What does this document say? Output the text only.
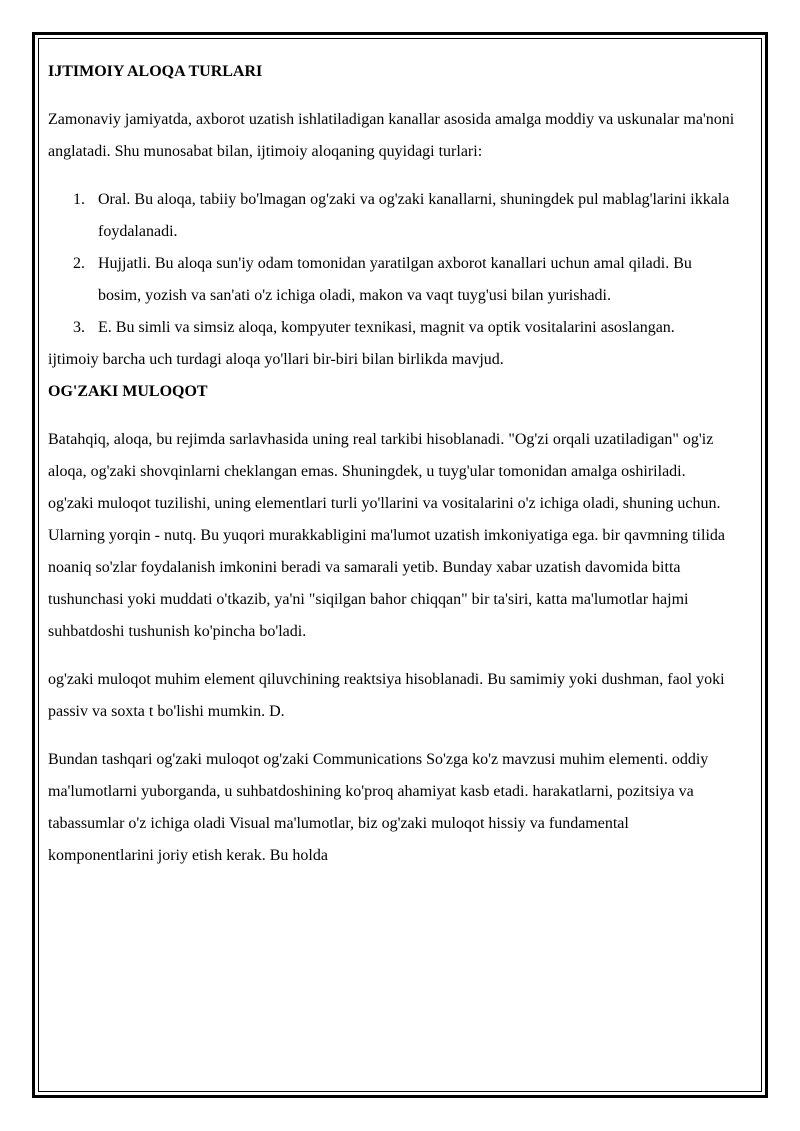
IJTIMOIY ALOQA TURLARI

Zamonaviy jamiyatda, axborot uzatish ishlatiladigan kanallar asosida amalga moddiy va uskunalar ma'noni anglatadi. Shu munosabat bilan, ijtimoiy aloqaning quyidagi turlari:

1. Oral. Bu aloqa, tabiiy bo'lmagan og'zaki va og'zaki kanallarni, shuningdek pul mablag'larini ikkala foydalanadi.
2. Hujjatli. Bu aloqa sun'iy odam tomonidan yaratilgan axborot kanallari uchun amal qiladi. Bu bosim, yozish va san'ati o'z ichiga oladi, makon va vaqt tuyg'usi bilan yurishadi.
3. E. Bu simli va simsiz aloqa, kompyuter texnikasi, magnit va optik vositalarini asoslangan.

ijtimoiy barcha uch turdagi aloqa yo'llari bir-biri bilan birlikda mavjud.

OG'ZAKI MULOQOT

Batahqiq, aloqa, bu rejimda sarlavhasida uning real tarkibi hisoblanadi. "Og'zi orqali uzatiladigan" og'iz aloqa, og'zaki shovqinlarni cheklangan emas. Shuningdek, u tuyg'ular tomonidan amalga oshiriladi.

og'zaki muloqot tuzilishi, uning elementlari turli yo'llarini va vositalarini o'z ichiga oladi, shuning uchun. Ularning yorqin - nutq. Bu yuqori murakkabligini ma'lumot uzatish imkoniyatiga ega. bir qavmning tilida noaniq so'zlar foydalanish imkonini beradi va samarali yetib. Bunday xabar uzatish davomida bitta tushunchasi yoki muddati o'tkazib, ya'ni "siqilgan bahor chiqqan" bir ta'siri, katta ma'lumotlar hajmi suhbatdoshi tushunish ko'pincha bo'ladi.

og'zaki muloqot muhim element qiluvchining reaktsiya hisoblanadi. Bu samimiy yoki dushman, faol yoki passiv va soxta t bo'lishi mumkin. D.

Bundan tashqari og'zaki muloqot og'zaki Communications So'zga ko'z mavzusi muhim elementi. oddiy ma'lumotlarni yuborganda, u suhbatdoshining ko'proq ahamiyat kasb etadi. harakatlarni, pozitsiya va tabassumlar o'z ichiga oladi Visual ma'lumotlar, biz og'zaki muloqot hissiy va fundamental komponentlarini joriy etish kerak. Bu holda
